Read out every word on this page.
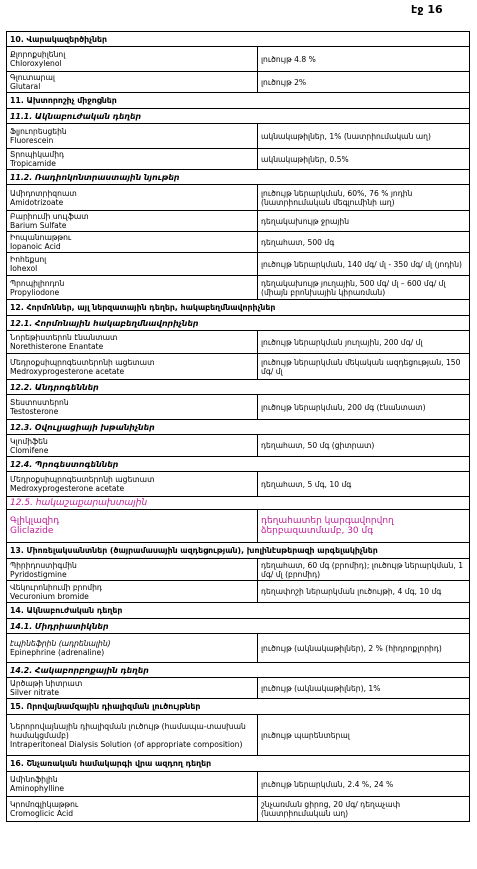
էջ 16
10. Վարակազերծիչներ	

Քլորոքսիլենոլ
Chloroxylenol	լուծույթ 4.8 %

Գլուտարալ
Glutaral	լուծույթ 2%
11. Ախտորոշիչ միջոցներ	
11.1. Ակնաբուժական դեղեր	

Ֆլյուորեսցեին
Fluorescein	ակնակաթիլներ, 1% (նատրիումական աղ)

Տրոպիկամիդ
Tropicamide	ակնակաթիլներ, 0.5%
11.2. Ռադիոկոնտրաստային նյութեր	

Ամիդոտրիզոատ
Amidotrizoate	լուծույթ ներարկման, 60%, 76 % յոդին (նատրիումական մեգլումինի աղ)

Բարիումի սուլֆատ
Barium Sulfate	դեղակախույթ ջրային

Իոպանոաթթու
Iopanoic Acid	դեղահատ, 500 մգ

Իոհեքսոլ
Iohexol	լուծույթ ներարկման, 140 մգ/ մլ - 350 մգ/ մլ (յոդին)

Պրոպիլիոդոն
Propyliodone	դեղակախույթ յուղային, 500 մգ/ մլ – 600 մգ/ մլ (միայն բրոնխային կիրառման)
12. Հորմոններ, այլ ներզատային դեղեր, հակաբեղմնավորիչներ	
12.1. Հորմոնային հակաբեղմնավորիչներ	

Նորեթիստերոն էնանտատ
Norethisterone Enantate	լուծույթ ներարկման յուղային, 200 մգ/ մլ

Մեդրօքսիպրոգեստերոնի ացետատ
Medroxyprogesterone acetate	լուծույթ ներարկման մեկական ազդեցության, 150 մգ/ մլ
12.2. Անդրոգեններ	

Տեստոստերոն
Testosterone	լուծույթ ներարկման, 200 մգ (էնանտատ)
12.3. Օվուլյացիայի խթանիչներ	

Կլոմիֆեն
Clomifene	դեղահատ, 50 մգ (ցիտրատ)
12.4. Պրոգեստոգեններ	

Մեդրօքսիպրոգեստերոնի ացետատ
Medroxyprogesterone acetate	դեղահատ, 5 մգ, 10 մգ
12.5. հակաշաքարախտային	

Գլիկլազիդ
Gliclazide	դեղահատեր կարգավորվող ձերբազատմամբ, 30 մգ
13. Միոռելակսանտներ (ծայրամասային ազդեցության), խոլինէսթերազի արգելակիչներ	

Պիրիդոստիգմին
Pyridostigmine	դեղահատ, 60 մգ (բրոմիդ); լուծույթ ներարկման, 1 մգ/ մլ (բրոմիդ)

Վեկուրոնիումի բրոմիդ
Vecuronium bromide	դեղափոշի ներարկման լուծույթի, 4 մգ, 10 մգ
14. Ակնաբուժական դեղեր	
14.1. Միդրիատիկներ	

էպինեֆրին (ադրենալին)
Epinephrine (adrenaline)	լուծույթ (ակնակաթիլներ), 2 % (հիդրոքլորիդ)
14.2. Հակաբորբոքային դեղեր	

Արծաթի նիտրատ
Silver nitrate	լուծույթ (ակնակաթիլներ), 1%
15. Որովայնամզային դիալիզման լուծույթներ	

Ներորովայնային դիալիզման լուծույթ (համապա-տասխան համակցմամբ)
Intraperitoneal Dialysis Solution (of appropriate composition)	լուծույթ պարենտերալ
16. Շնչառական համակարգի վրա ազդող դեղեր	

Ամինոֆիլին
Aminophylline	լուծույթ ներարկման, 2.4 %, 24 %

Կրոմոգլիկաթթու
Cromoglicic Acid	շնչառման ցիրոց, 20 մգ/ դեղաչափ (նատրիումական աղ)
